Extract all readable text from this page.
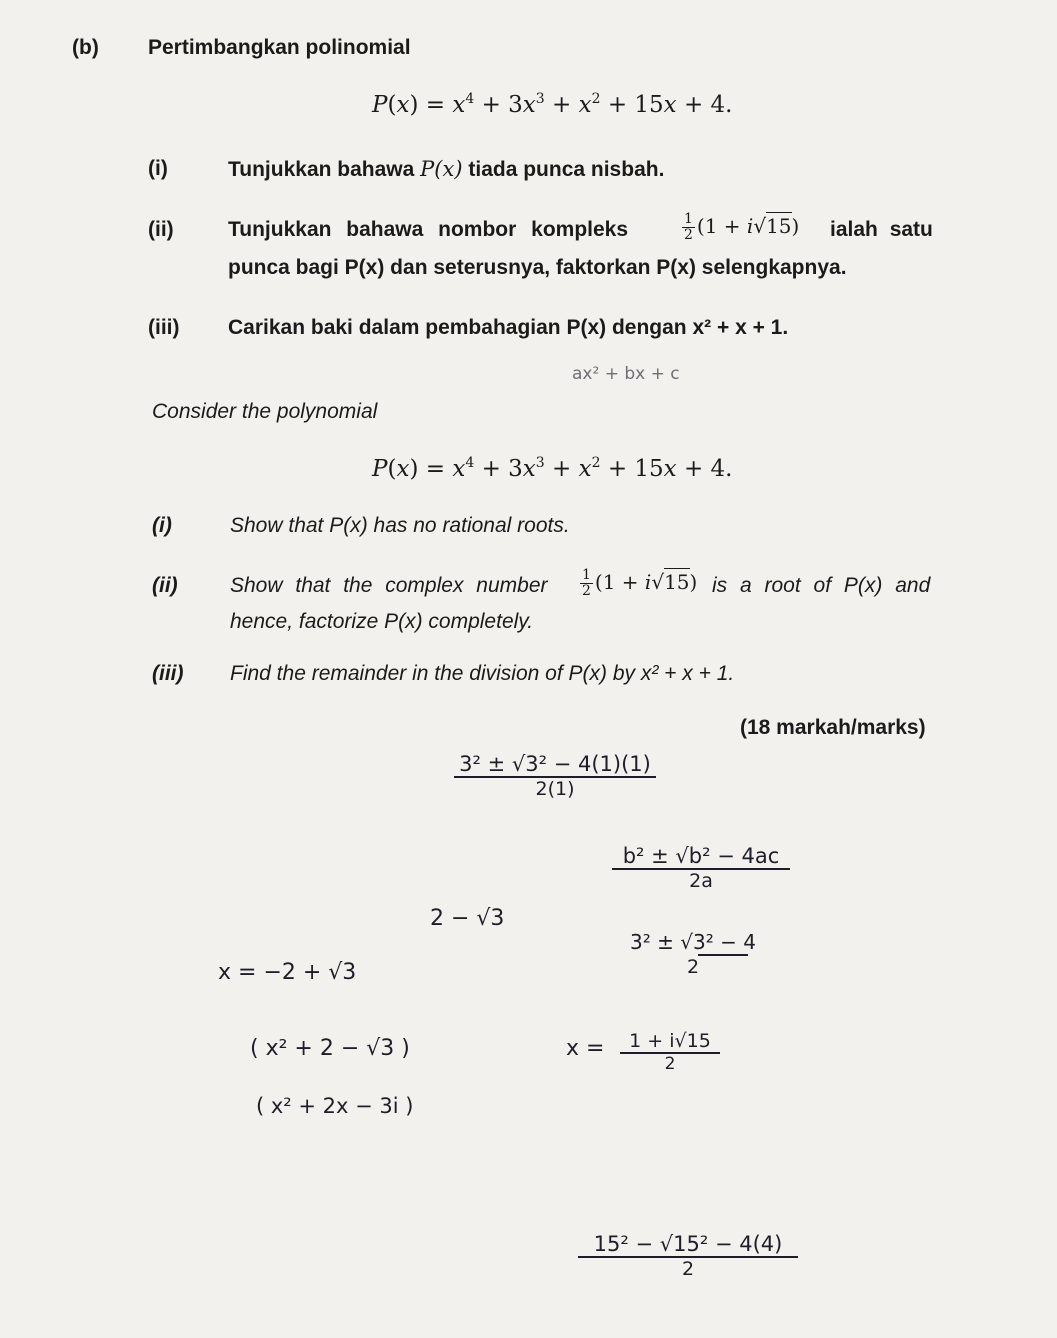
(b) Pertimbangkan polinomial
$P(x) = x^4 + 3x^3 + x^2 + 15x + 4$.
(i)	Tunjukkan bahawa P(x) tiada punca nisbah.
(ii)	Tunjukkan bahawa nombor kompleks	$\frac{1}{2} (1 + i√15)$ ialah satu
punca bagi P(x) dan seterusnya, faktorkan P(x) selengkapnya.
(iii) Carikan baki dalam pembahagian P(x) dengan x² + x + 1.
Consider the polynomial
$P(x) = x^4 + 3x^3 + x^2 + 15x + 4$.
(i)	Show that P(x) has no rational roots.
(ii) Show that the complex number $\frac{1}{2} (1 + i√15)$ is a root of P(x) and
hence, factorize P(x) completely.
(iii) Find the remainder in the division of P(x) by x² + x + 1.
(18 markah/marks)
ax² + bx + c
3² ± √3² − 4(1)(1)
2(1)
b² ± √b² − 4ac
2a
2 − √3
3² ± √3² − 4
2
x = −2 + √3
( x² + 2 − √3 )	x =	1 + i√15
2
( x² + 2x − 3i )
15² − √15² − 4(4)
2
